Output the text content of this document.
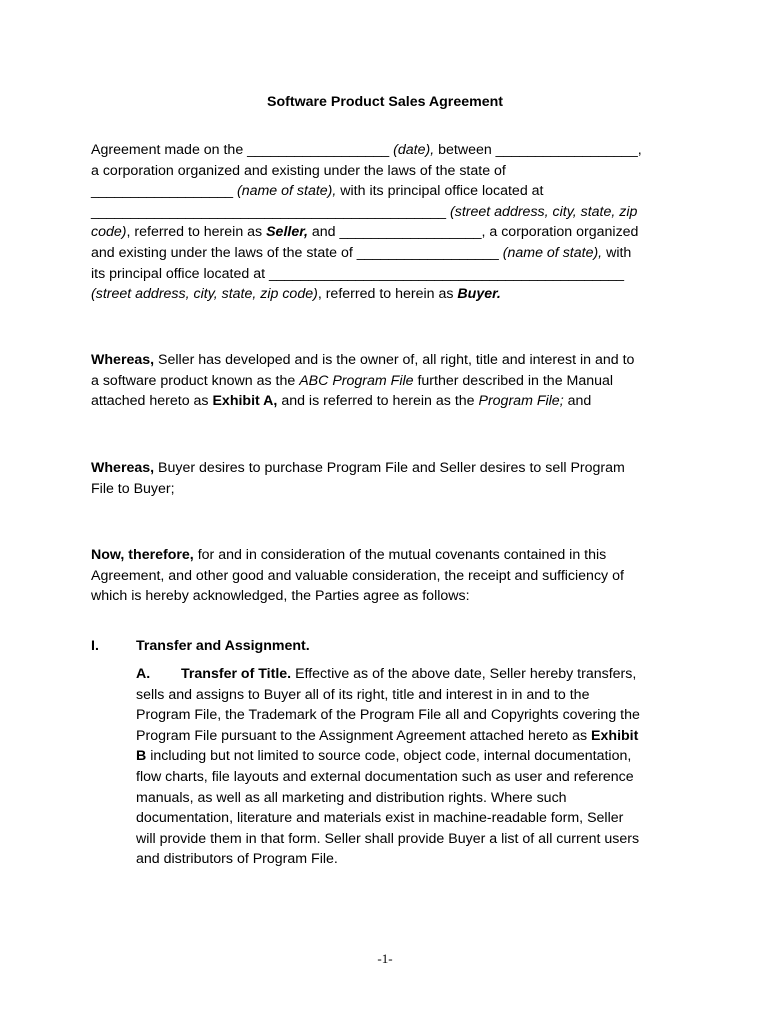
Software Product Sales Agreement
Agreement made on the __________________ (date), between __________________,
a corporation organized and existing under the laws of the state of
__________________ (name of state), with its principal office located at
_____________________________________________ (street address, city, state, zip
code), referred to herein as Seller, and __________________, a corporation organized
and existing under the laws of the state of __________________ (name of state), with
its principal office located at _____________________________________________
(street address, city, state, zip code), referred to herein as Buyer.
Whereas, Seller has developed and is the owner of, all right, title and interest in and to
a software product known as the ABC Program File further described in the Manual
attached hereto as Exhibit A, and is referred to herein as the Program File; and
Whereas, Buyer desires to purchase Program File and Seller desires to sell Program
File to Buyer;
Now, therefore, for and in consideration of the mutual covenants contained in this
Agreement, and other good and valuable consideration, the receipt and sufficiency of
which is hereby acknowledged, the Parties agree as follows:
I.	Transfer and Assignment.
A. Transfer of Title. Effective as of the above date, Seller hereby transfers,
sells and assigns to Buyer all of its right, title and interest in in and to the
Program File, the Trademark of the Program File all and Copyrights covering the
Program File pursuant to the Assignment Agreement attached hereto as Exhibit
B including but not limited to source code, object code, internal documentation,
flow charts, file layouts and external documentation such as user and reference
manuals, as well as all marketing and distribution rights. Where such
documentation, literature and materials exist in machine-readable form, Seller
will provide them in that form. Seller shall provide Buyer a list of all current users
and distributors of Program File.
-1-
